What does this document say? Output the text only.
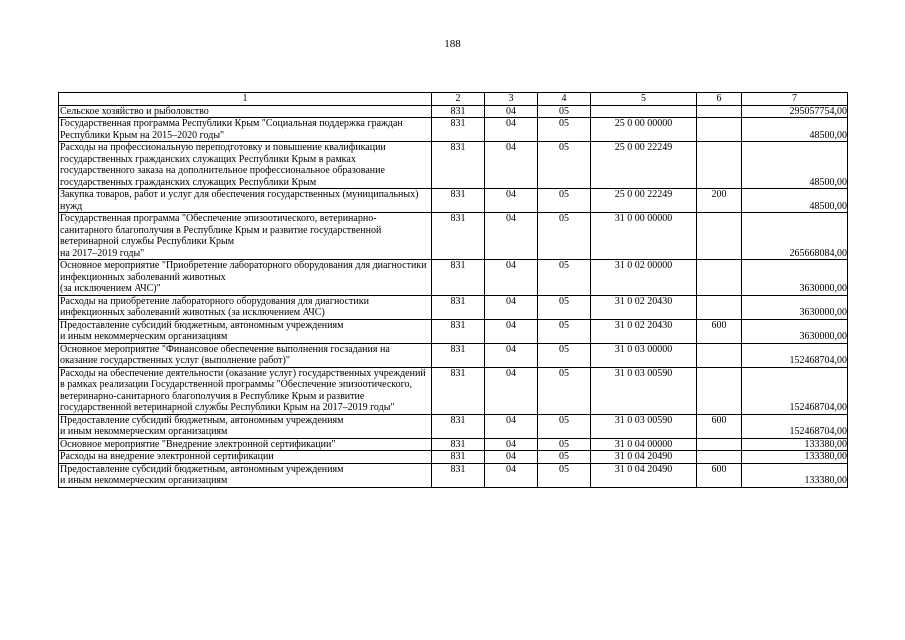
188
1	2	3	4	5	6	7
Сельское хозяйство и рыболовство	831	04	05			295057754,00
Государственная программа Республики Крым "Социальная поддержка граждан Республики Крым на 2015–2020 годы"	831	04	05	25 0 00 00000		48500,00
Расходы на профессиональную переподготовку и повышение квалификации государственных гражданских служащих Республики Крым в рамках государственного заказа на дополнительное профессиональное образование государственных гражданских служащих Республики Крым	831	04	05	25 0 00 22249		48500,00
Закупка товаров, работ и услуг для обеспечения государственных (муниципальных) нужд	831	04	05	25 0 00 22249	200	48500,00
Государственная программа "Обеспечение эпизоотического, ветеринарно-санитарного благополучия в Республике Крым и развитие государственной ветеринарной службы Республики Крым
на 2017–2019 годы"	831	04	05	31 0 00 00000		265668084,00
Основное мероприятие "Приобретение лабораторного оборудования для диагностики инфекционных заболеваний животных
(за исключением АЧС)"	831	04	05	31 0 02 00000		3630000,00
Расходы на приобретение лабораторного оборудования для диагностики инфекционных заболеваний животных (за исключением АЧС)	831	04	05	31 0 02 20430		3630000,00
Предоставление субсидий бюджетным, автономным учреждениям
и иным некоммерческим организациям	831	04	05	31 0 02 20430	600	3630000,00
Основное мероприятие "Финансовое обеспечение выполнения госзадания на оказание государственных услуг (выполнение работ)"	831	04	05	31 0 03 00000		152468704,00
Расходы на обеспечение деятельности (оказание услуг) государственных учреждений в рамках реализации Государственной программы "Обеспечение эпизоотического, ветеринарно-санитарного благополучия в Республике Крым и развитие государственной ветеринарной службы Республики Крым на 2017–2019 годы"	831	04	05	31 0 03 00590		152468704,00
Предоставление субсидий бюджетным, автономным учреждениям
и иным некоммерческим организациям	831	04	05	31 0 03 00590	600	152468704,00
Основное мероприятие "Внедрение электронной сертификации"	831	04	05	31 0 04 00000		133380,00
Расходы на внедрение электронной сертификации	831	04	05	31 0 04 20490		133380,00
Предоставление субсидий бюджетным, автономным учреждениям
и иным некоммерческим организациям	831	04	05	31 0 04 20490	600	133380,00
